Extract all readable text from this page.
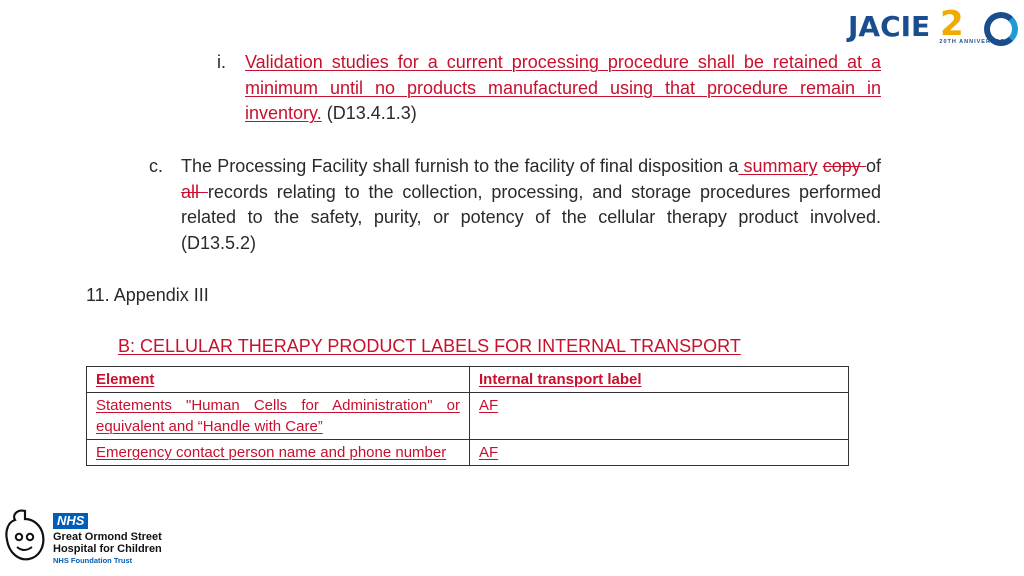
JACIE 2
20TH ANNIVERSARY
i. Validation studies for a current processing procedure shall be retained at a minimum until no products manufactured using that procedure remain in inventory. (D13.4.1.3)
c. The Processing Facility shall furnish to the facility of final disposition a summary copy of all records relating to the collection, processing, and storage procedures performed related to the safety, purity, or potency of the cellular therapy product involved. (D13.5.2)
11. Appendix III
B: CELLULAR THERAPY PRODUCT LABELS FOR INTERNAL TRANSPORT
Element	Internal transport label
Statements "Human Cells for Administration" or equivalent and “Handle with Care”	AF
Emergency contact person name and phone number	AF
NHS
Great Ormond Street
Hospital for Children
NHS Foundation Trust
